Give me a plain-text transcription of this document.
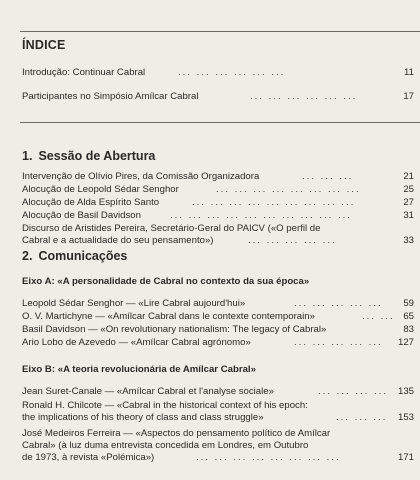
ÍNDICE
Introdução: Continuar Cabral	... ... ... ... ... ...	11
Participantes no Simpósio Amílcar Cabral	... ... ... ... ... ...	17
1. Sessão de Abertura
Intervenção de Olívio Pires, da Comissão Organizadora	... ... ...	21
Alocução de Leopold Sédar Senghor	... ... ... ... ... ... ... ...	25
Alocução de Alda Espírito Santo	... ... ... ... ... ... ... ... ...	27
Alocução de Basil Davidson	... ... ... ... ... ... ... ... ... ...	31
Discurso de Aristides Pereira, Secretário-Geral do PAICV («O perfil de
Cabral e a actualidade do seu pensamento»)	... ... ... ... ...	33
2. Comunicações
Eixo A: «A personalidade de Cabral no contexto da sua época»
Leopold Sédar Senghor — «Lire Cabral aujourd'hui»	... ... ... ... ... 59
O. V. Martichyne — «Amílcar Cabral dans le contexte contemporain»	... ... 65
Basil Davidson — «On revolutionary nationalism: The legacy of Cabral»	83
Ario Lobo de Azevedo — «Amílcar Cabral agrónomo»	... ... ... ... ... 127
Eixo B: «A teoria revolucionária de Amílcar Cabral»
Jean Suret-Canale — «Amílcar Cabral et l'analyse sociale»	... ... ... ... 135
Ronald H. Chilcote — «Cabral in the historical context of his epoch:
the implications of his theory of class and class struggle»	... ... ... 153
José Medeiros Ferreira — «Aspectos do pensamento político de Amílcar
Cabral» (à luz duma entrevista concedida em Londres, em Outubro
de 1973, à revista «Polémica»)	... ... ... ... ... ... ... ...	171
